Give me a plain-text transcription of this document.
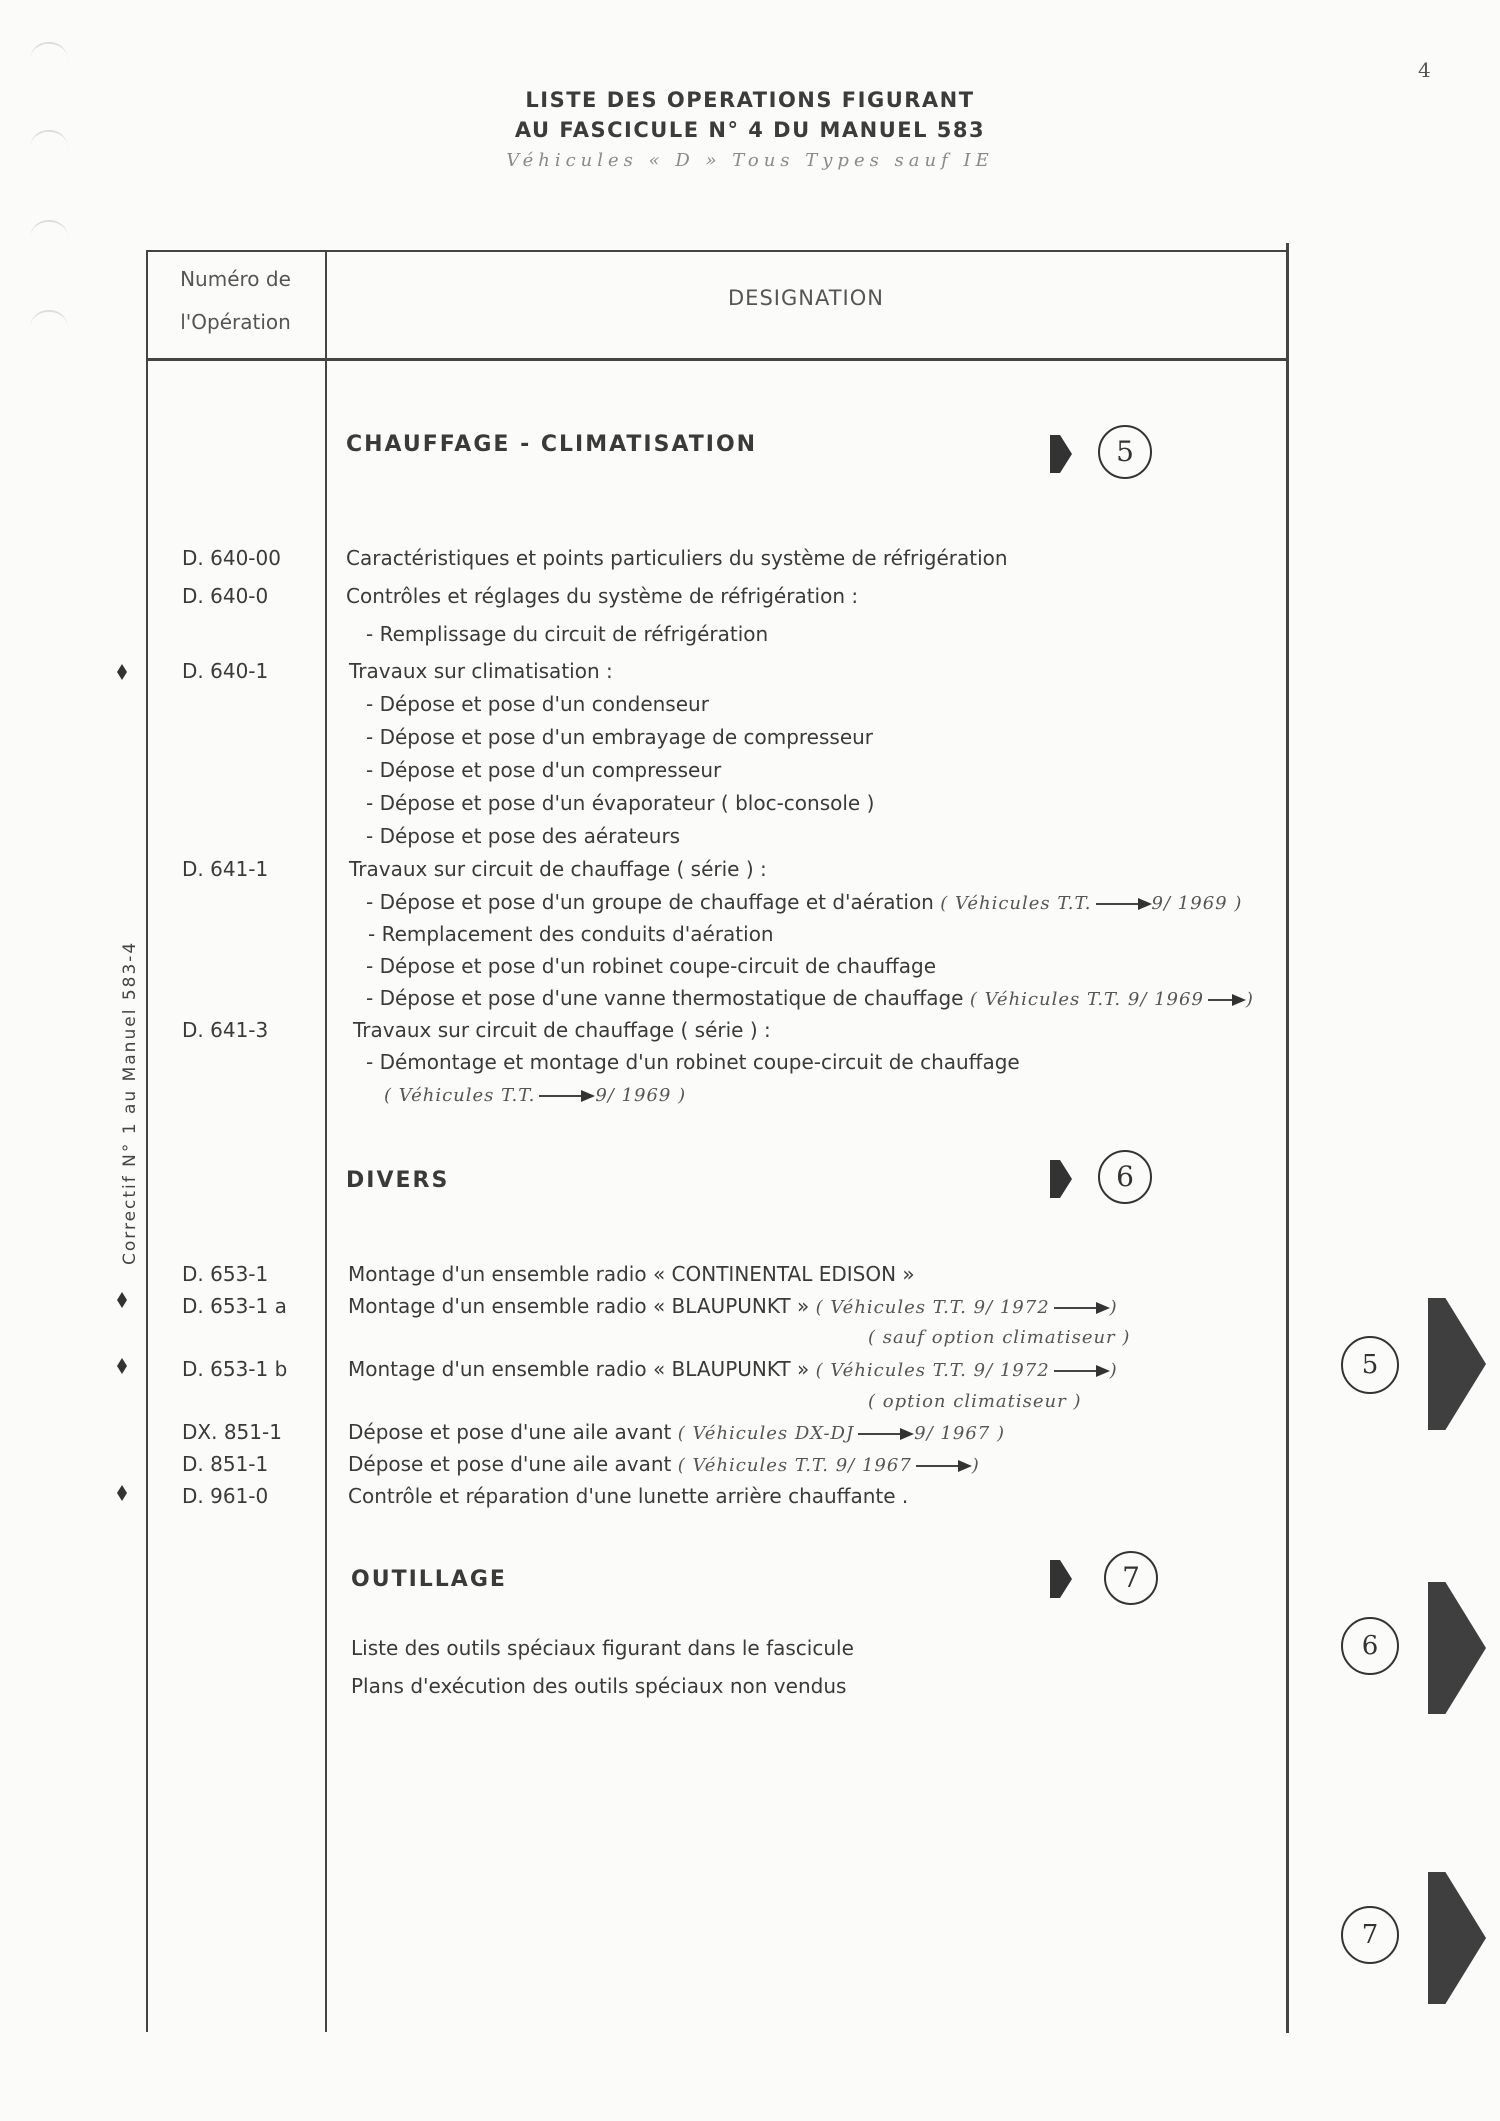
4
LISTE DES OPERATIONS FIGURANT
AU FASCICULE N° 4 DU MANUEL 583
Véhicules « D » Tous Types sauf IE
Numéro de
l'Opération
DESIGNATION
Correctif N° 1 au Manuel 583-4
CHAUFFAGE - CLIMATISATION	5
D. 640-00	Caractéristiques et points particuliers du système de réfrigération
D. 640-0	Contrôles et réglages du système de réfrigération :
- Remplissage du circuit de réfrigération
D. 640-1	Travaux sur climatisation :
- Dépose et pose d'un condenseur
- Dépose et pose d'un embrayage de compresseur
- Dépose et pose d'un compresseur
- Dépose et pose d'un évaporateur ( bloc-console )
- Dépose et pose des aérateurs
D. 641-1	Travaux sur circuit de chauffage ( série ) :
- Dépose et pose d'un groupe de chauffage et d'aération ( Véhicules T.T.	9/ 1969 )
- Remplacement des conduits d'aération
- Dépose et pose d'un robinet coupe-circuit de chauffage
- Dépose et pose d'une vanne thermostatique de chauffage ( Véhicules T.T. 9/ 1969 )
D. 641-3	Travaux sur circuit de chauffage ( série ) :
- Démontage et montage d'un robinet coupe-circuit de chauffage
( Véhicules T.T.	9/ 1969 )
DIVERS	6
D. 653-1	Montage d'un ensemble radio « CONTINENTAL EDISON »
D. 653-1 a	Montage d'un ensemble radio « BLAUPUNKT » ( Véhicules T.T. 9/ 1972	)
( sauf option climatiseur )
D. 653-1 b	Montage d'un ensemble radio « BLAUPUNKT » ( Véhicules T.T. 9/ 1972	)
( option climatiseur )
DX. 851-1	Dépose et pose d'une aile avant ( Véhicules DX-DJ	9/ 1967 )
D. 851-1	Dépose et pose d'une aile avant ( Véhicules T.T. 9/ 1967	)
D. 961-0	Contrôle et réparation d'une lunette arrière chauffante .
OUTILLAGE	7
Liste des outils spéciaux figurant dans le fascicule
Plans d'exécution des outils spéciaux non vendus
5
6
7
